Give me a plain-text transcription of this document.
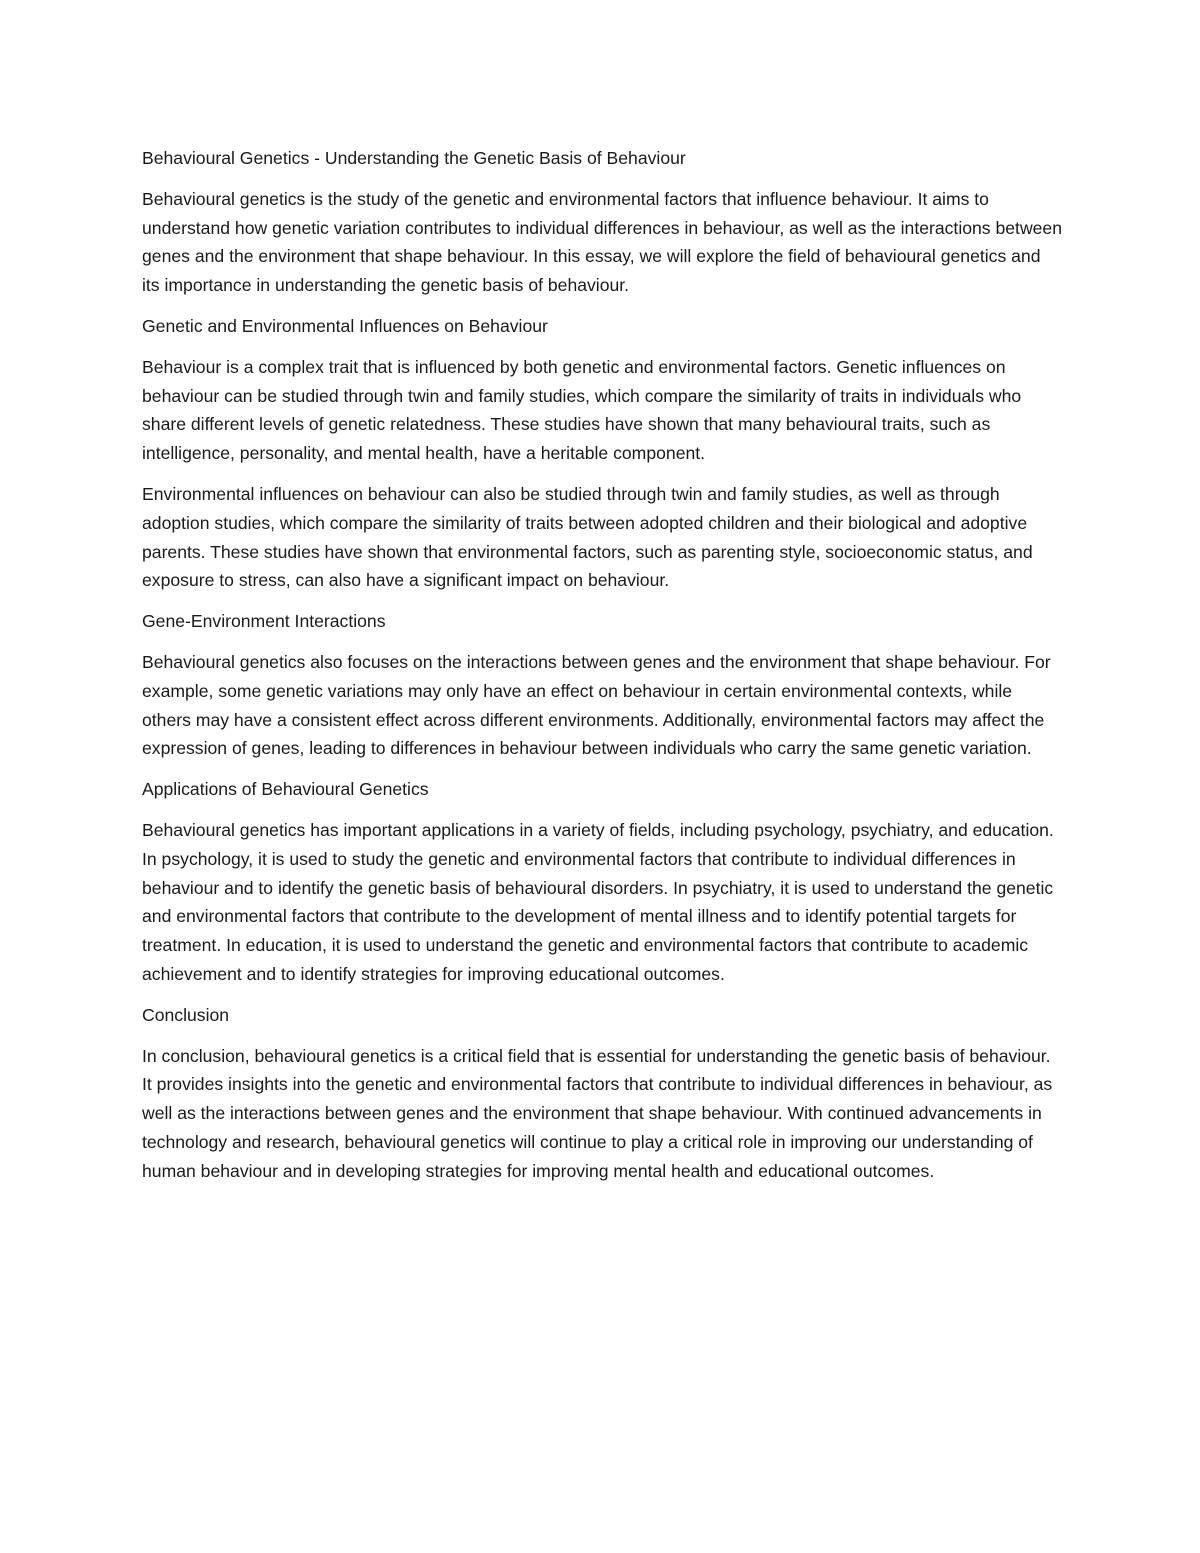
Behavioural Genetics - Understanding the Genetic Basis of Behaviour

Behavioural genetics is the study of the genetic and environmental factors that influence behaviour. It aims to understand how genetic variation contributes to individual differences in behaviour, as well as the interactions between genes and the environment that shape behaviour. In this essay, we will explore the field of behavioural genetics and its importance in understanding the genetic basis of behaviour.

Genetic and Environmental Influences on Behaviour

Behaviour is a complex trait that is influenced by both genetic and environmental factors. Genetic influences on behaviour can be studied through twin and family studies, which compare the similarity of traits in individuals who share different levels of genetic relatedness. These studies have shown that many behavioural traits, such as intelligence, personality, and mental health, have a heritable component.

Environmental influences on behaviour can also be studied through twin and family studies, as well as through adoption studies, which compare the similarity of traits between adopted children and their biological and adoptive parents. These studies have shown that environmental factors, such as parenting style, socioeconomic status, and exposure to stress, can also have a significant impact on behaviour.

Gene-Environment Interactions

Behavioural genetics also focuses on the interactions between genes and the environment that shape behaviour. For example, some genetic variations may only have an effect on behaviour in certain environmental contexts, while others may have a consistent effect across different environments. Additionally, environmental factors may affect the expression of genes, leading to differences in behaviour between individuals who carry the same genetic variation.

Applications of Behavioural Genetics

Behavioural genetics has important applications in a variety of fields, including psychology, psychiatry, and education. In psychology, it is used to study the genetic and environmental factors that contribute to individual differences in behaviour and to identify the genetic basis of behavioural disorders. In psychiatry, it is used to understand the genetic and environmental factors that contribute to the development of mental illness and to identify potential targets for treatment. In education, it is used to understand the genetic and environmental factors that contribute to academic achievement and to identify strategies for improving educational outcomes.

Conclusion

In conclusion, behavioural genetics is a critical field that is essential for understanding the genetic basis of behaviour. It provides insights into the genetic and environmental factors that contribute to individual differences in behaviour, as well as the interactions between genes and the environment that shape behaviour. With continued advancements in technology and research, behavioural genetics will continue to play a critical role in improving our understanding of human behaviour and in developing strategies for improving mental health and educational outcomes.
